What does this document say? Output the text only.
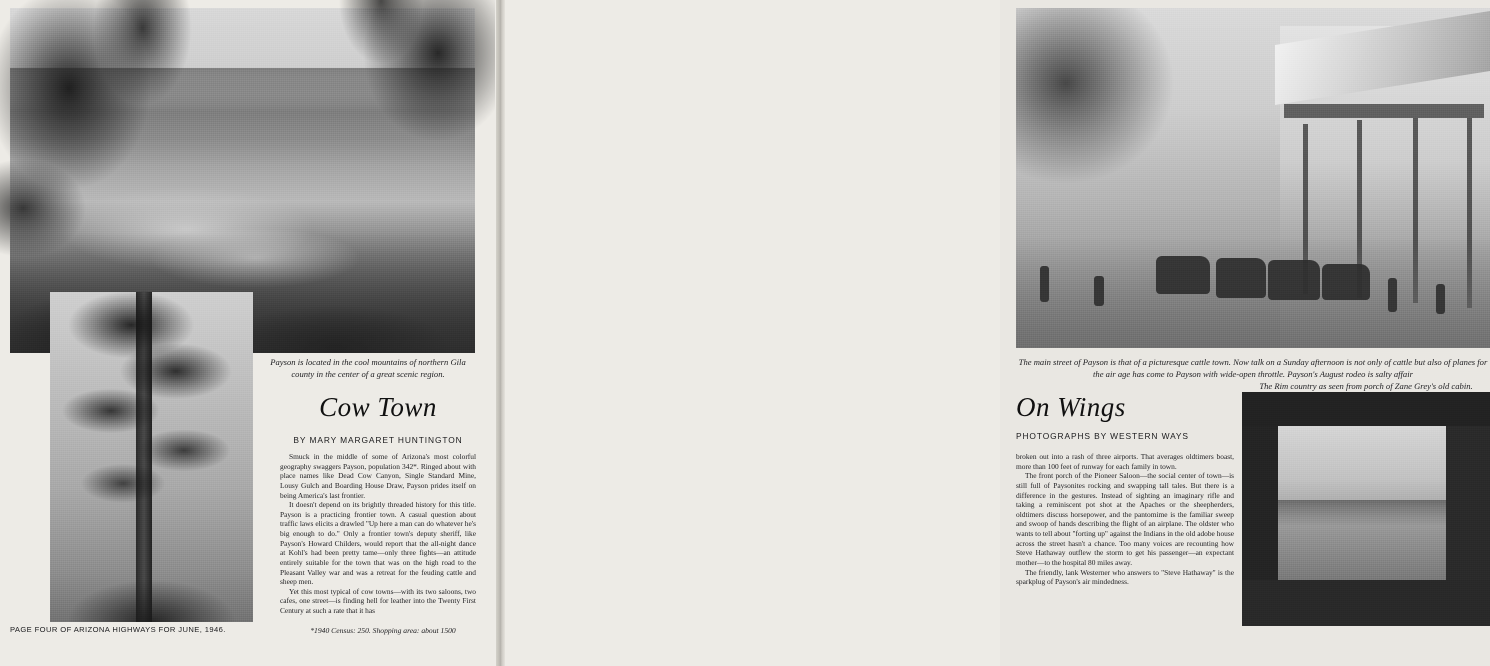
Payson is located in the cool mountains of northern Gila county in the center of a great scenic region.
Cow Town
BY MARY MARGARET HUNTINGTON

Smuck in the middle of some of Arizona's most colorful geography swaggers Payson, population 342*. Ringed about with place names like Dead Cow Canyon, Single Standard Mine, Lousy Gulch and Boarding House Draw, Payson prides itself on being America's last frontier.

It doesn't depend on its brightly threaded history for this title. Payson is a practicing frontier town. A casual question about traffic laws elicits a drawled "Up here a man can do whatever he's big enough to do." Only a frontier town's deputy sheriff, like Payson's Howard Childers, would report that the all-night dance at Kohl's had been pretty tame—only three fights—an attitude entirely suitable for the town that was on the high road to the Pleasant Valley war and was a retreat for the feuding cattle and sheep men.

Yet this most typical of cow towns—with its two saloons, two cafes, one street—is finding hell for leather into the Twenty First Century at such a rate that it has

*1940 Census: 250. Shopping area: about 1500
PAGE FOUR OF ARIZONA HIGHWAYS FOR JUNE, 1946.
The main street of Payson is that of a picturesque cattle town. Now talk on a Sunday afternoon is not only of cattle but also of planes for the air age has come to Payson with wide-open throttle. Payson's August rodeo is salty affair
The Rim country as seen from porch of Zane Grey's old cabin.
On Wings
PHOTOGRAPHS BY WESTERN WAYS

broken out into a rash of three airports. That averages oldtimers boast, more than 100 feet of runway for each family in town.

The front porch of the Pioneer Saloon—the social center of town—is still full of Paysonites rocking and swapping tall tales. But there is a difference in the gestures. Instead of sighting an imaginary rifle and taking a reminiscent pot shot at the Apaches or the sheepherders, oldtimers discuss horsepower, and the pantomime is the familiar sweep and swoop of hands describing the flight of an airplane. The oldster who wants to tell about "forting up" against the Indians in the old adobe house across the street hasn't a chance. Too many voices are recounting how Steve Hathaway outflew the storm to get his passenger—an expectant mother—to the hospital 80 miles away.

The friendly, lank Westerner who answers to "Steve Hathaway" is the sparkplug of Payson's air mindedness.
